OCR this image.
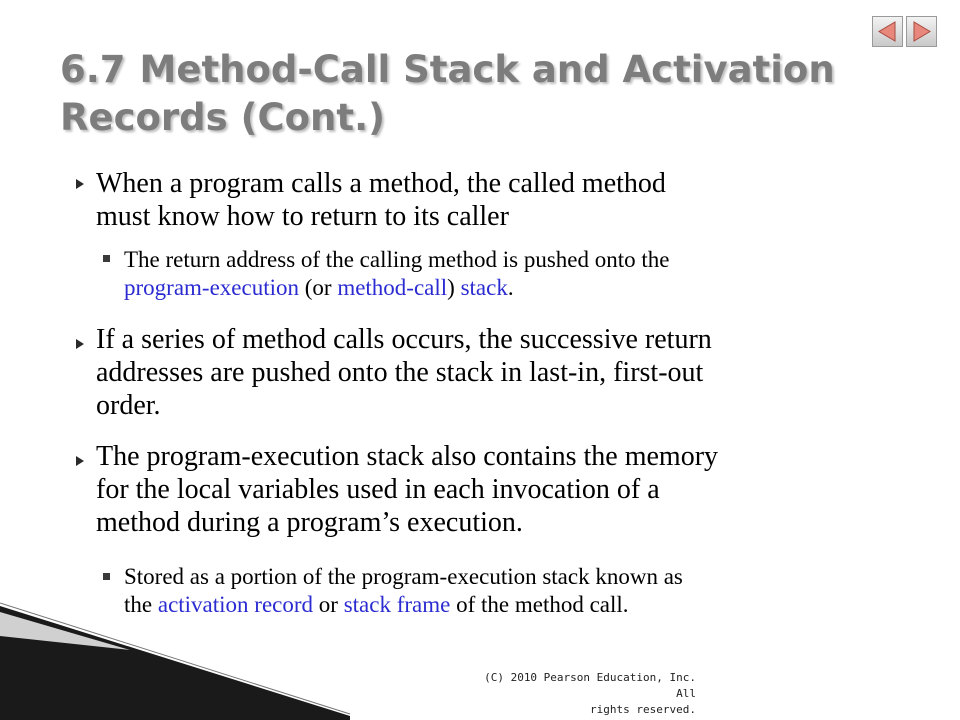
6.7 Method-Call Stack and Activation Records (Cont.)
When a program calls a method, the called method
must know how to return to its caller
The return address of the calling method is pushed onto the
program-execution (or method-call) stack.
If a series of method calls occurs, the successive return
addresses are pushed onto the stack in last-in, first-out
order.
The program-execution stack also contains the memory
for the local variables used in each invocation of a
method during a program’s execution.
Stored as a portion of the program-execution stack known as
the activation record or stack frame of the method call.
(C) 2010 Pearson Education, Inc. All
rights reserved.
